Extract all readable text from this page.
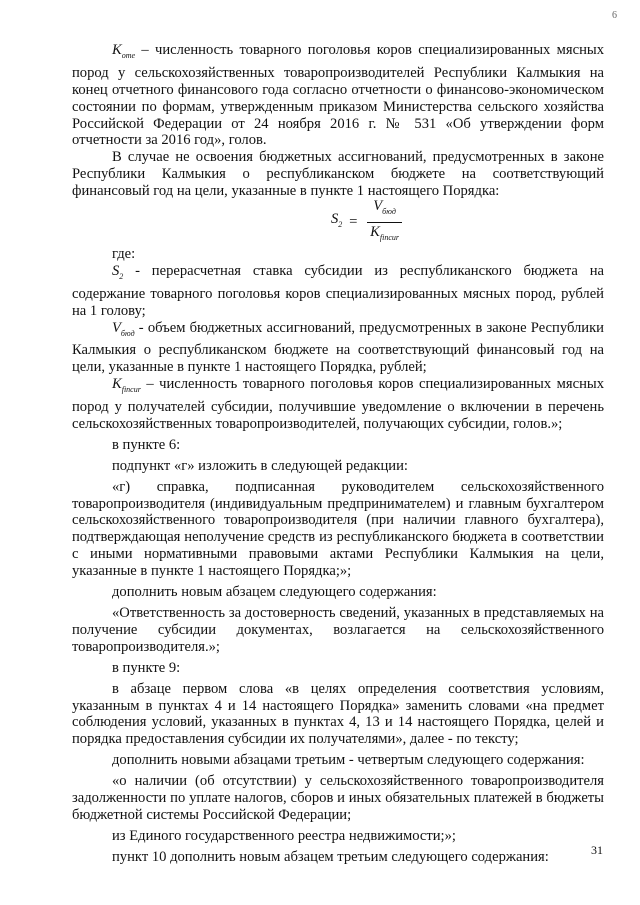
6

$K_{ome}$ – численность товарного поголовья коров специализированных мясных пород у сельскохозяйственных товаропроизводителей Республики Калмыкия на конец отчетного финансового года согласно отчетности о финансово-экономическом состоянии по формам, утвержденным приказом Министерства сельского хозяйства Российской Федерации от 24 ноября 2016 г. № 531 «Об утверждении форм отчетности за 2016 год», голов.

В случае не освоения бюджетных ассигнований, предусмотренных в законе Республики Калмыкия о республиканском бюджете на соответствующий финансовый год на цели, указанные в пункте 1 настоящего Порядка:

$S_2 = \frac{V_{бюд}}{K_{fincur}}$

где:

$S_2$ - перерасчетная ставка субсидии из республиканского бюджета на содержание товарного поголовья коров специализированных мясных пород, рублей на 1 голову;

$V_{бюд}$ - объем бюджетных ассигнований, предусмотренных в законе Республики Калмыкия о республиканском бюджете на соответствующий финансовый год на цели, указанные в пункте 1 настоящего Порядка, рублей;

$K_{fincur}$ – численность товарного поголовья коров специализированных мясных пород у получателей субсидии, получившие уведомление о включении в перечень сельскохозяйственных товаропроизводителей, получающих субсидии, голов.»;

в пункте 6:

подпункт «г» изложить в следующей редакции:

«г) справка, подписанная руководителем сельскохозяйственного товаропроизводителя (индивидуальным предпринимателем) и главным бухгалтером сельскохозяйственного товаропроизводителя (при наличии главного бухгалтера), подтверждающая неполучение средств из республиканского бюджета в соответствии с иными нормативными правовыми актами Республики Калмыкия на цели, указанные в пункте 1 настоящего Порядка;»;

дополнить новым абзацем следующего содержания:

«Ответственность за достоверность сведений, указанных в представляемых на получение субсидии документах, возлагается на сельскохозяйственного товаропроизводителя.»;

в пункте 9:

в абзаце первом слова «в целях определения соответствия условиям, указанным в пунктах 4 и 14 настоящего Порядка» заменить словами «на предмет соблюдения условий, указанных в пунктах 4, 13 и 14 настоящего Порядка, целей и порядка предоставления субсидии их получателями», далее - по тексту;

дополнить новыми абзацами третьим - четвертым следующего содержания:

«о наличии (об отсутствии) у сельскохозяйственного товаропроизводителя задолженности по уплате налогов, сборов и иных обязательных платежей в бюджеты бюджетной системы Российской Федерации;

из Единого государственного реестра недвижимости;»;

пункт 10 дополнить новым абзацем третьим следующего содержания:	31
